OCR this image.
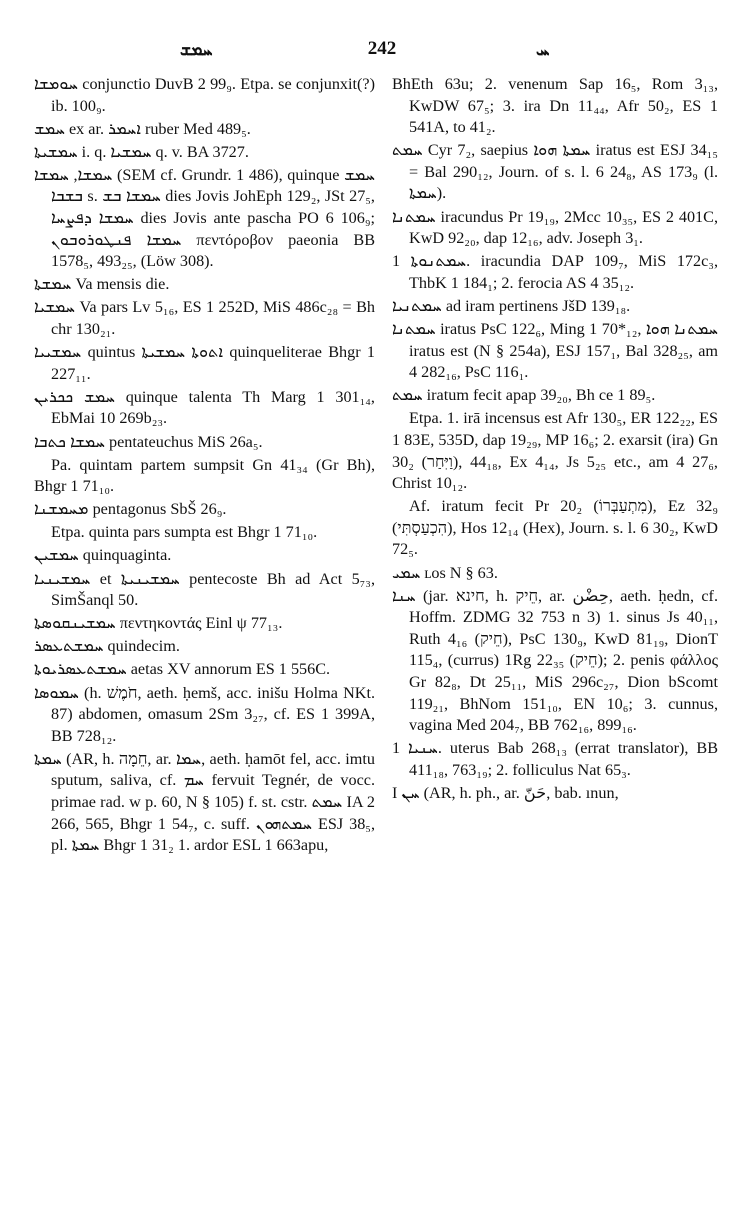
ܚܡܫ	242	ܚ

ܚܘܡܫܐ conjunctio DuvB 2 99₉. Etpa. se conjunxit(?) ib. 100₉.

ܚܡܫ ex ar. ܐܚܡܪ ruber Med 489₅.

ܚܡܫܝܬܐ i. q. ܚܡܫܝܐ q. v. BA 3727.

ܚܡܫܐ, ܚܡܫܐ (SEM cf. Grundr. 1 486), quinque ܚܡܫ ܒܫܒܐ s. ܚܡܫܐ ܒܫ dies Jovis JohEph 129₂, JSt 27₅, ܚܡܫܐ ܕܦܨܚܐ dies Jovis ante pascha PO 6 106₉; ܚܡܫܐ ܦܢܛܘܪܘܒܘܢ πεντόροβον paeonia BB 1578₅, 493₂₅, (Löw 308).

ܚܡܫܬܐ Va mensis die.

ܚܡܫܝܐ Va pars Lv 5₁₆, ES 1 252D, MiS 486c₂₈ = Bh chr 130₂₁.

ܚܡܫܝܝܐ quintus ܐܬܘܬܐ ܚܡܫܝܬܐ quinqueliterae Bhgr 1 227₁₁.

ܚܡܫ ܟܟܪܝܢ quinque talenta Th Marg 1 301₁₄, EbMai 10 269b₂₃.

ܚܡܫܐ ܟܬܒܐ pentateuchus MiS 26a₅.

Pa. quintam partem sumpsit Gn 41₃₄ (Gr Bh), Bhgr 1 71₁₀.

ܡܚܡܫܢܐ pentagonus SbŠ 26₉.

Etpa. quinta pars sumpta est Bhgr 1 71₁₀.

ܚܡܫܝܢ quinquaginta.

ܚܡܫܝܢܝܐ et ܚܡܫܝܢܝܬܐ pentecoste Bh ad Act 5₇₃, SimŠanql 50.

ܚܡܫܝܢܩܘܣܬܐ πεντηκοντάς Einl ψ 77₁₃.

ܚܡܫܬܥܣܪ quindecim.

ܚܡܫܬܥܣܪܝܘܬܐ aetas XV annorum ES 1 556C.

ܚܡܘܣܐ (h. חֹמֶשׁ, aeth. ḥemš, acc. inišu Holma NKt. 87) abdomen, omasum 2Sm 3₂₇, cf. ES 1 399A, BB 728₁₂.

ܚܡܬܐ (AR, h. חֵמָה, ar. ܚܡܐ, aeth. ḥamōt fel, acc. imtu sputum, saliva, cf. ܚܡ fervuit Tegnér, de vocc. primae rad. w p. 60, N § 105) f. st. cstr. ܚܡܬ IA 2 266, 565, Bhgr 1 54₇, c. suff. ܚܡܬܗܘܢ ESJ 38₅, pl. ܚܡܬܐ Bhgr 1 31₂ 1. ardor ESL 1 663apu,

BhEth 63u; 2. venenum Sap 16₅, Rom 3₁₃, KwDW 67₅; 3. ira Dn 11₄₄, Afr 50₂, ES 1 541A, to 41₂.

ܚܡܬ Cyr 7₂, saepius ܚܡܬܐ ܗܘܐ iratus est ESJ 34₁₅ = Bal 290₁₂, Journ. of s. l. 6 24₈, AS 173₉ (l. ܚܡܬܐ).

ܚܡܬܢܐ iracundus Pr 19₁₉, 2Mcc 10₃₅, ES 2 401C, KwD 92₂₀, dap 12₁₆, adv. Joseph 3₁.

ܚܡܬܢܘܬܐ 1. iracundia DAP 109₇, MiS 172c₃, ThbK 1 184₁; 2. ferocia AS 4 35₁₂.

ܚܡܬܢܝܐ ad iram pertinens JšD 139₁₈.

ܚܡܬܢܐ iratus PsC 122₆, Ming 1 70*₁₂, ܚܡܬܢܐ ܗܘܐ iratus est (N § 254a), ESJ 157₁, Bal 328₂₅, am 4 282₁₆, PsC 116₁.

ܚܡܬ iratum fecit apap 39₂₀, Bh ce 1 89₅.

Etpa. 1. irā incensus est Afr 130₅, ER 122₂₂, ES 1 83E, 535D, dap 19₂₉, MP 16₆; 2. exarsit (ira) Gn 30₂ (וַיִּחַר), 44₁₈, Ex 4₁₄, Js 5₂₅ etc., am 4 27₆, Christ 10₁₂.

Af. iratum fecit Pr 20₂ (מִתְעַבְּרוֹ), Ez 32₉ (הִכְעַסְתִּי), Hos 12₁₄ (Hex), Journ. s. l. 6 30₂, KwD 72₅.

ܚܡܝ ʟos N § 63.

ܚܢܐ (jar. חינא, h. חֵיק, ar. حِضْن, aeth. ḥedn, cf. Hoffm. ZDMG 32 753 n 3) 1. sinus Js 40₁₁, Ruth 4₁₆ (חֵיק), PsC 130₉, KwD 81₁₉, DionT 115₄, (currus) 1Rg 22₃₅ (חֵיק); 2. penis φάλλος Gr 82₈, Dt 25₁₁, MiS 296c₂₇, Dion bScomt 119₂₁, BhNom 151₁₀, EN 10₆; 3. cunnus, vagina Med 204₇, BB 762₁₆, 899₁₆.

ܚܢܝܐ 1. uterus Bab 268₁₃ (errat translator), BB 411₁₈, 763₁₉; 2. folliculus Nat 65₃.

I ܚܢ (AR, h. ph., ar. حَنّ, bab. ınun,
